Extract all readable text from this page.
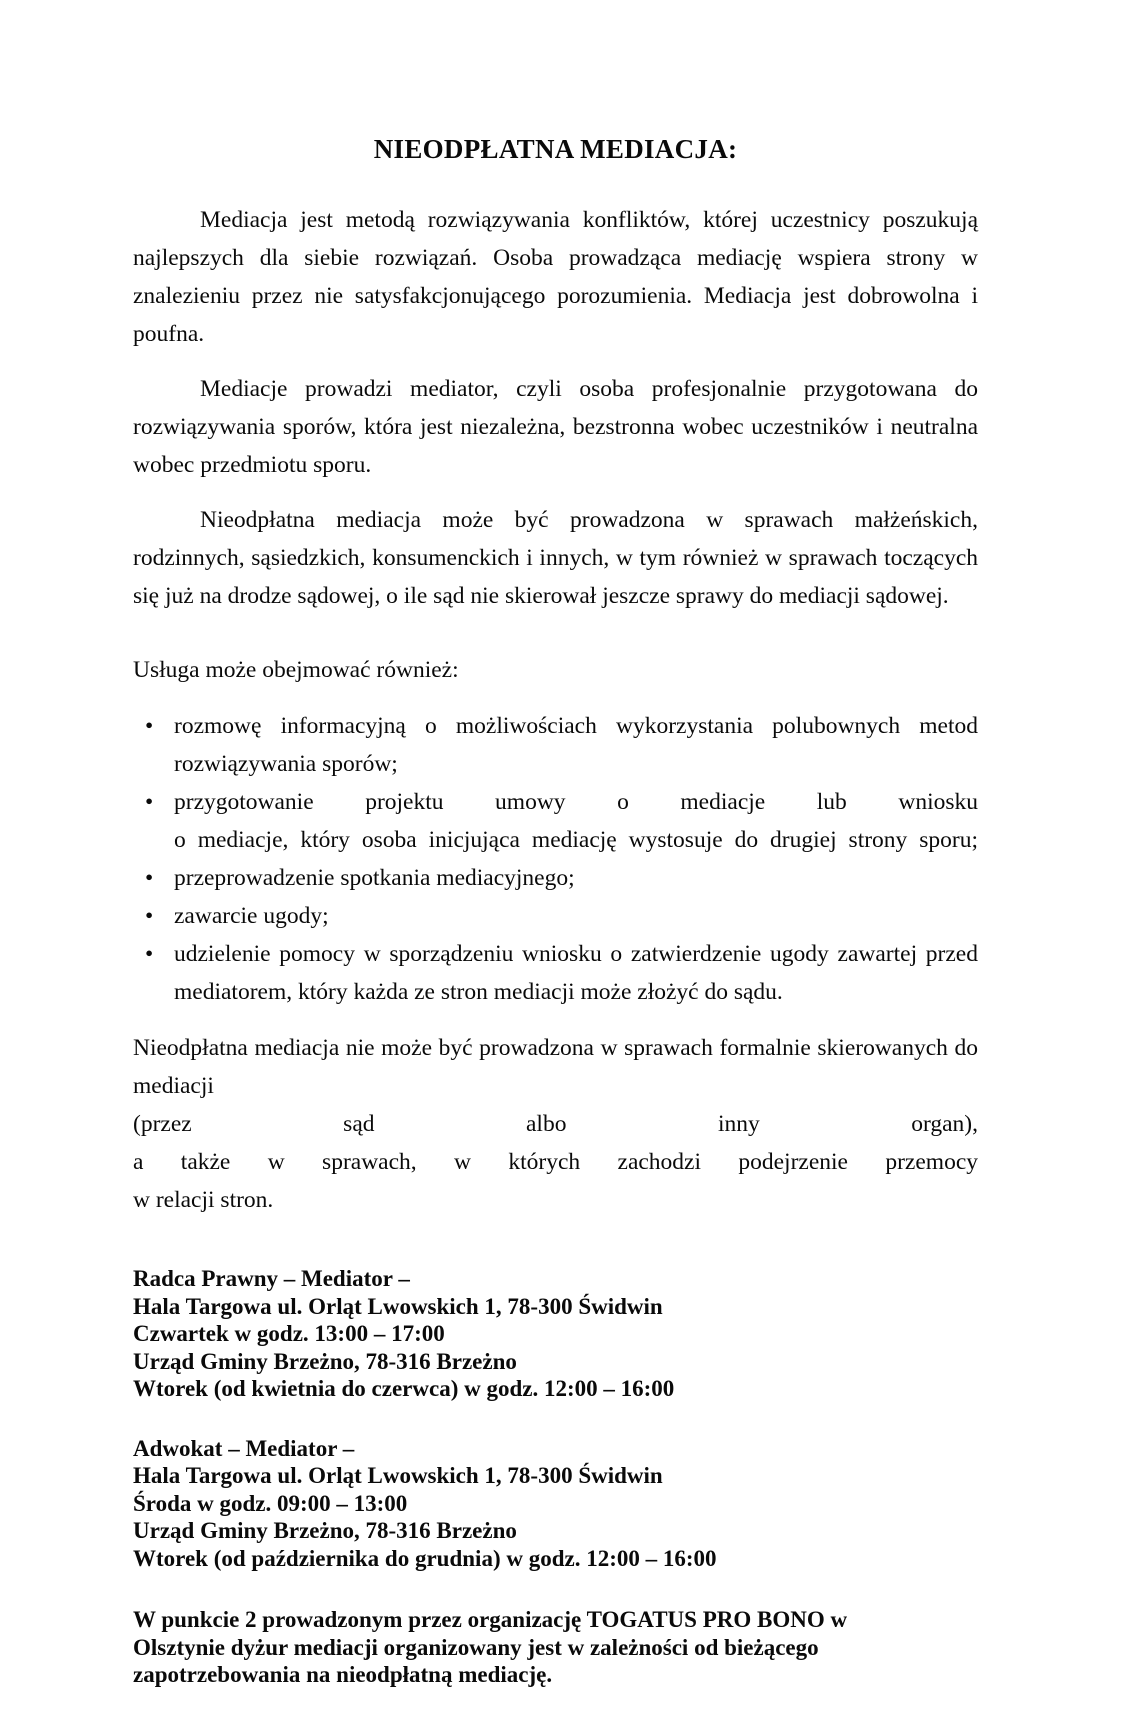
NIEODPŁATNA MEDIACJA:

Mediacja jest metodą rozwiązywania konfliktów, której uczestnicy poszukują najlepszych dla siebie rozwiązań. Osoba prowadząca mediację wspiera strony w znalezieniu przez nie satysfakcjonującego porozumienia. Mediacja jest dobrowolna i poufna.

Mediacje prowadzi mediator, czyli osoba profesjonalnie przygotowana do rozwiązywania sporów, która jest niezależna, bezstronna wobec uczestników i neutralna wobec przedmiotu sporu.

Nieodpłatna mediacja może być prowadzona w sprawach małżeńskich, rodzinnych, sąsiedzkich, konsumenckich i innych, w tym również w sprawach toczących się już na drodze sądowej, o ile sąd nie skierował jeszcze sprawy do mediacji sądowej.

Usługa może obejmować również:

• rozmowę informacyjną o możliwościach wykorzystania polubownych metod rozwiązywania sporów;
• przygotowanie projektu umowy o mediacje lub wniosku
o mediacje, który osoba inicjująca mediację wystosuje do drugiej strony sporu;
• przeprowadzenie spotkania mediacyjnego;
• zawarcie ugody;
• udzielenie pomocy w sporządzeniu wniosku o zatwierdzenie ugody zawartej przed mediatorem, który każda ze stron mediacji może złożyć do sądu.

Nieodpłatna mediacja nie może być prowadzona w sprawach formalnie skierowanych do mediacji
(przez sąd albo inny organ),
a także w sprawach, w których zachodzi podejrzenie przemocy
w relacji stron.

Radca Prawny – Mediator –
Hala Targowa ul. Orląt Lwowskich 1, 78-300 Świdwin
Czwartek w godz. 13:00 – 17:00
Urząd Gminy Brzeżno, 78-316 Brzeżno
Wtorek (od kwietnia do czerwca) w godz. 12:00 – 16:00
Adwokat – Mediator –
Hala Targowa ul. Orląt Lwowskich 1, 78-300 Świdwin
Środa w godz. 09:00 – 13:00
Urząd Gminy Brzeżno, 78-316 Brzeżno
Wtorek (od października do grudnia) w godz. 12:00 – 16:00

W punkcie 2 prowadzonym przez organizację TOGATUS PRO BONO w Olsztynie dyżur mediacji organizowany jest w zależności od bieżącego zapotrzebowania na nieodpłatną mediację.
